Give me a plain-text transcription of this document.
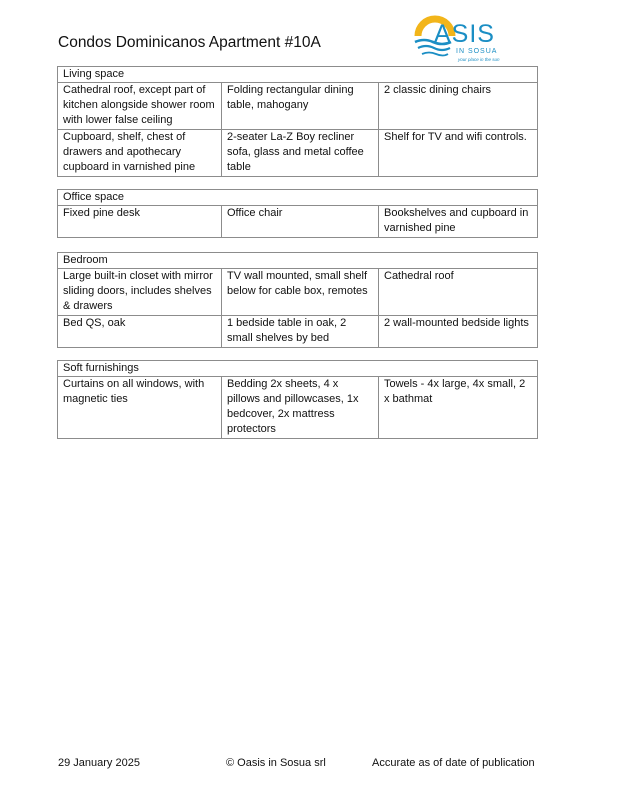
Condos Dominicanos Apartment #10A	ASIS
IN SOSUA
your place in the sun
Living space		
Cathedral roof, except part of kitchen alongside shower room with lower false ceiling	Folding rectangular dining table, mahogany	2 classic dining chairs
Cupboard, shelf, chest of drawers and apothecary cupboard in varnished pine	2-seater La-Z Boy recliner sofa, glass and metal coffee table	Shelf for TV and wifi controls.
Office space
Fixed pine desk	Office chair	Bookshelves and cupboard in varnished pine
Bedroom		
Large built-in closet with mirror sliding doors, includes shelves & drawers	TV wall mounted, small shelf below for cable box, remotes	Cathedral roof
Bed QS, oak	1 bedside table in oak, 2 small shelves by bed	2 wall-mounted bedside lights
Soft furnishings
Curtains on all windows, with magnetic ties	Bedding 2x sheets, 4 x pillows and pillowcases, 1x bedcover, 2x mattress protectors	Towels - 4x large, 4x small, 2 x bathmat
29 January 2025	© Oasis in Sosua srl	Accurate as of date of publication
